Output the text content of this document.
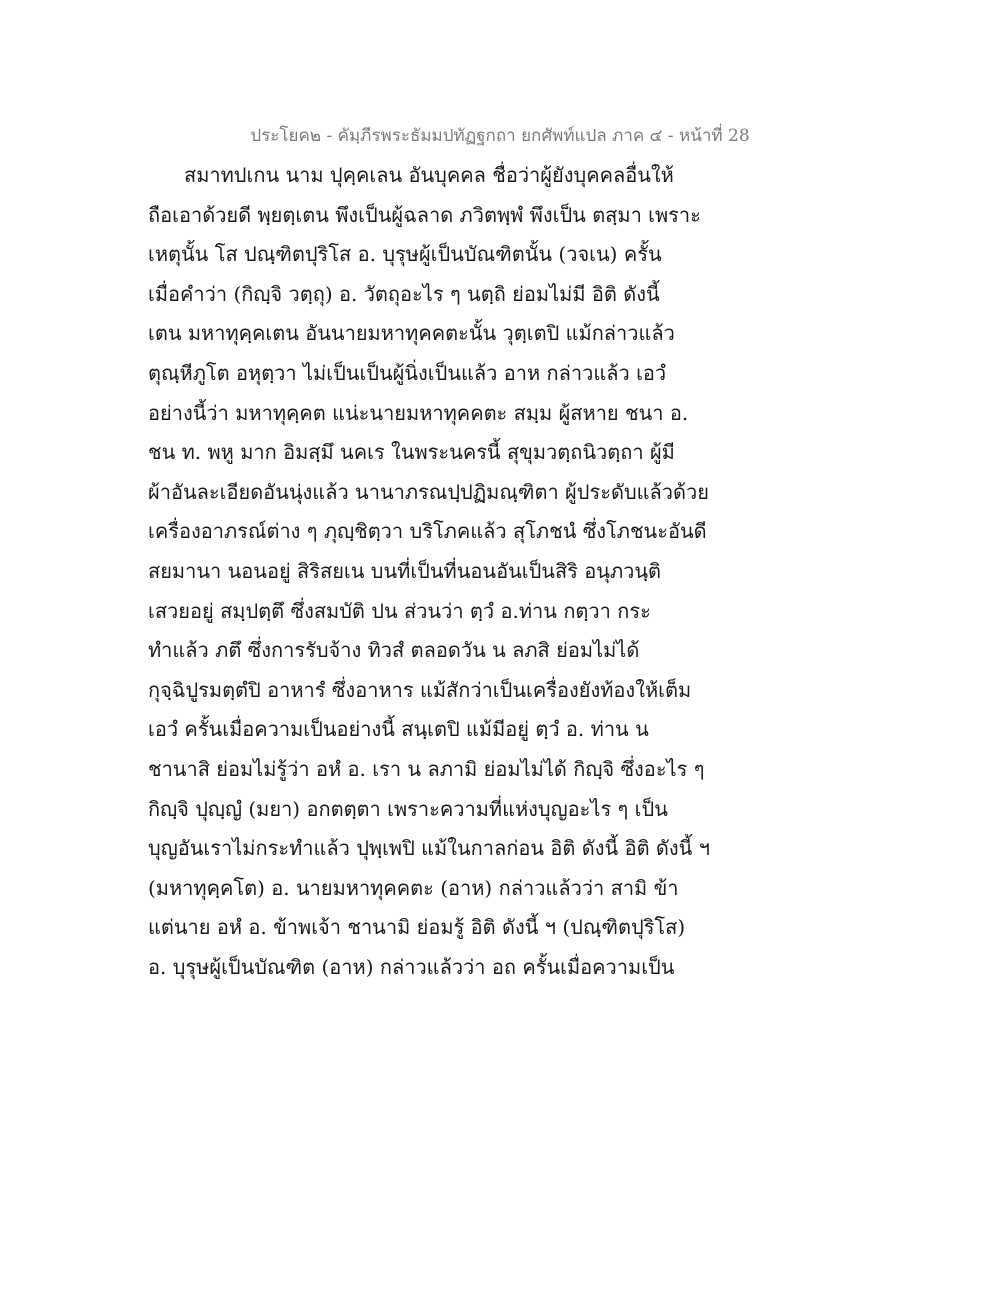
ประโยค๒ - คัมฺภีรพระธัมมปทัฏฐกถา ยกศัพท์แปล ภาค ๔ - หน้าที่ 28
สมาทปเกน นาม ปุคฺคเลน อันบุคคล ชื่อว่าผู้ยังบุคคลอื่นให้
ถือเอาด้วยดี พฺยตฺเตน พึงเป็นผู้ฉลาด ภวิตพฺพํ พึงเป็น ตสฺมา เพราะ
เหตุนั้น โส ปณฺฑิตปุริโส อ. บุรุษผู้เป็นบัณฑิตนั้น (วจเน) ครั้น
เมื่อคำว่า (กิญฺจิ วตฺถุ) อ. วัตถุอะไร ๆ นตฺถิ ย่อมไม่มี อิติ ดังนี้
เตน มหาทุคฺคเตน อันนายมหาทุคคตะนั้น วุตฺเตปิ แม้กล่าวแล้ว
ตุณฺหีภูโต อหุตฺวา ไม่เป็นเป็นผู้นิ่งเป็นแล้ว อาห กล่าวแล้ว เอวํ
อย่างนี้ว่า มหาทุคฺคต แน่ะนายมหาทุคคตะ สมฺม ผู้สหาย ชนา อ.
ชน ท. พหู มาก อิมสฺมึ นคเร ในพระนครนี้ สุขุมวตฺถนิวตฺถา ผู้มี
ผ้าอันละเอียดอันนุ่งแล้ว นานาภรณปฺปฏิมณฺฑิตา ผู้ประดับแล้วด้วย
เครื่องอาภรณ์ต่าง ๆ ภุญฺชิตฺวา บริโภคแล้ว สุโภชนํ ซึ่งโภชนะอันดี
สยมานา นอนอยู่ สิริสยเน บนที่เป็นที่นอนอันเป็นสิริ อนุภวนฺติ
เสวยอยู่ สมฺปตฺตึ ซึ่งสมบัติ ปน ส่วนว่า ตฺวํ อ.ท่าน กตฺวา กระ
ทำแล้ว ภตึ ซึ่งการรับจ้าง ทิวสํ ตลอดวัน น ลภสิ ย่อมไม่ได้
กุจฺฉิปูรมตฺตํปิ อาหารํ ซึ่งอาหาร แม้สักว่าเป็นเครื่องยังท้องให้เต็ม
เอวํ ครั้นเมื่อความเป็นอย่างนี้ สนฺเตปิ แม้มีอยู่ ตฺวํ อ. ท่าน น
ชานาสิ ย่อมไม่รู้ว่า อหํ อ. เรา น ลภามิ ย่อมไม่ได้ กิญฺจิ ซึ่งอะไร ๆ
กิญฺจิ ปุญฺญํ (มยา) อกตตฺตา เพราะความที่แห่งบุญอะไร ๆ เป็น
บุญอันเราไม่กระทำแล้ว ปุพฺเพปิ แม้ในกาลก่อน อิติ ดังนี้ อิติ ดังนี้ ฯ
(มหาทุคฺคโต) อ. นายมหาทุคคตะ (อาห) กล่าวแล้วว่า สามิ ข้า
แต่นาย อหํ อ. ข้าพเจ้า ชานามิ ย่อมรู้ อิติ ดังนี้ ฯ (ปณฺฑิตปุริโส)
อ. บุรุษผู้เป็นบัณฑิต (อาห) กล่าวแล้วว่า อถ ครั้นเมื่อความเป็น
